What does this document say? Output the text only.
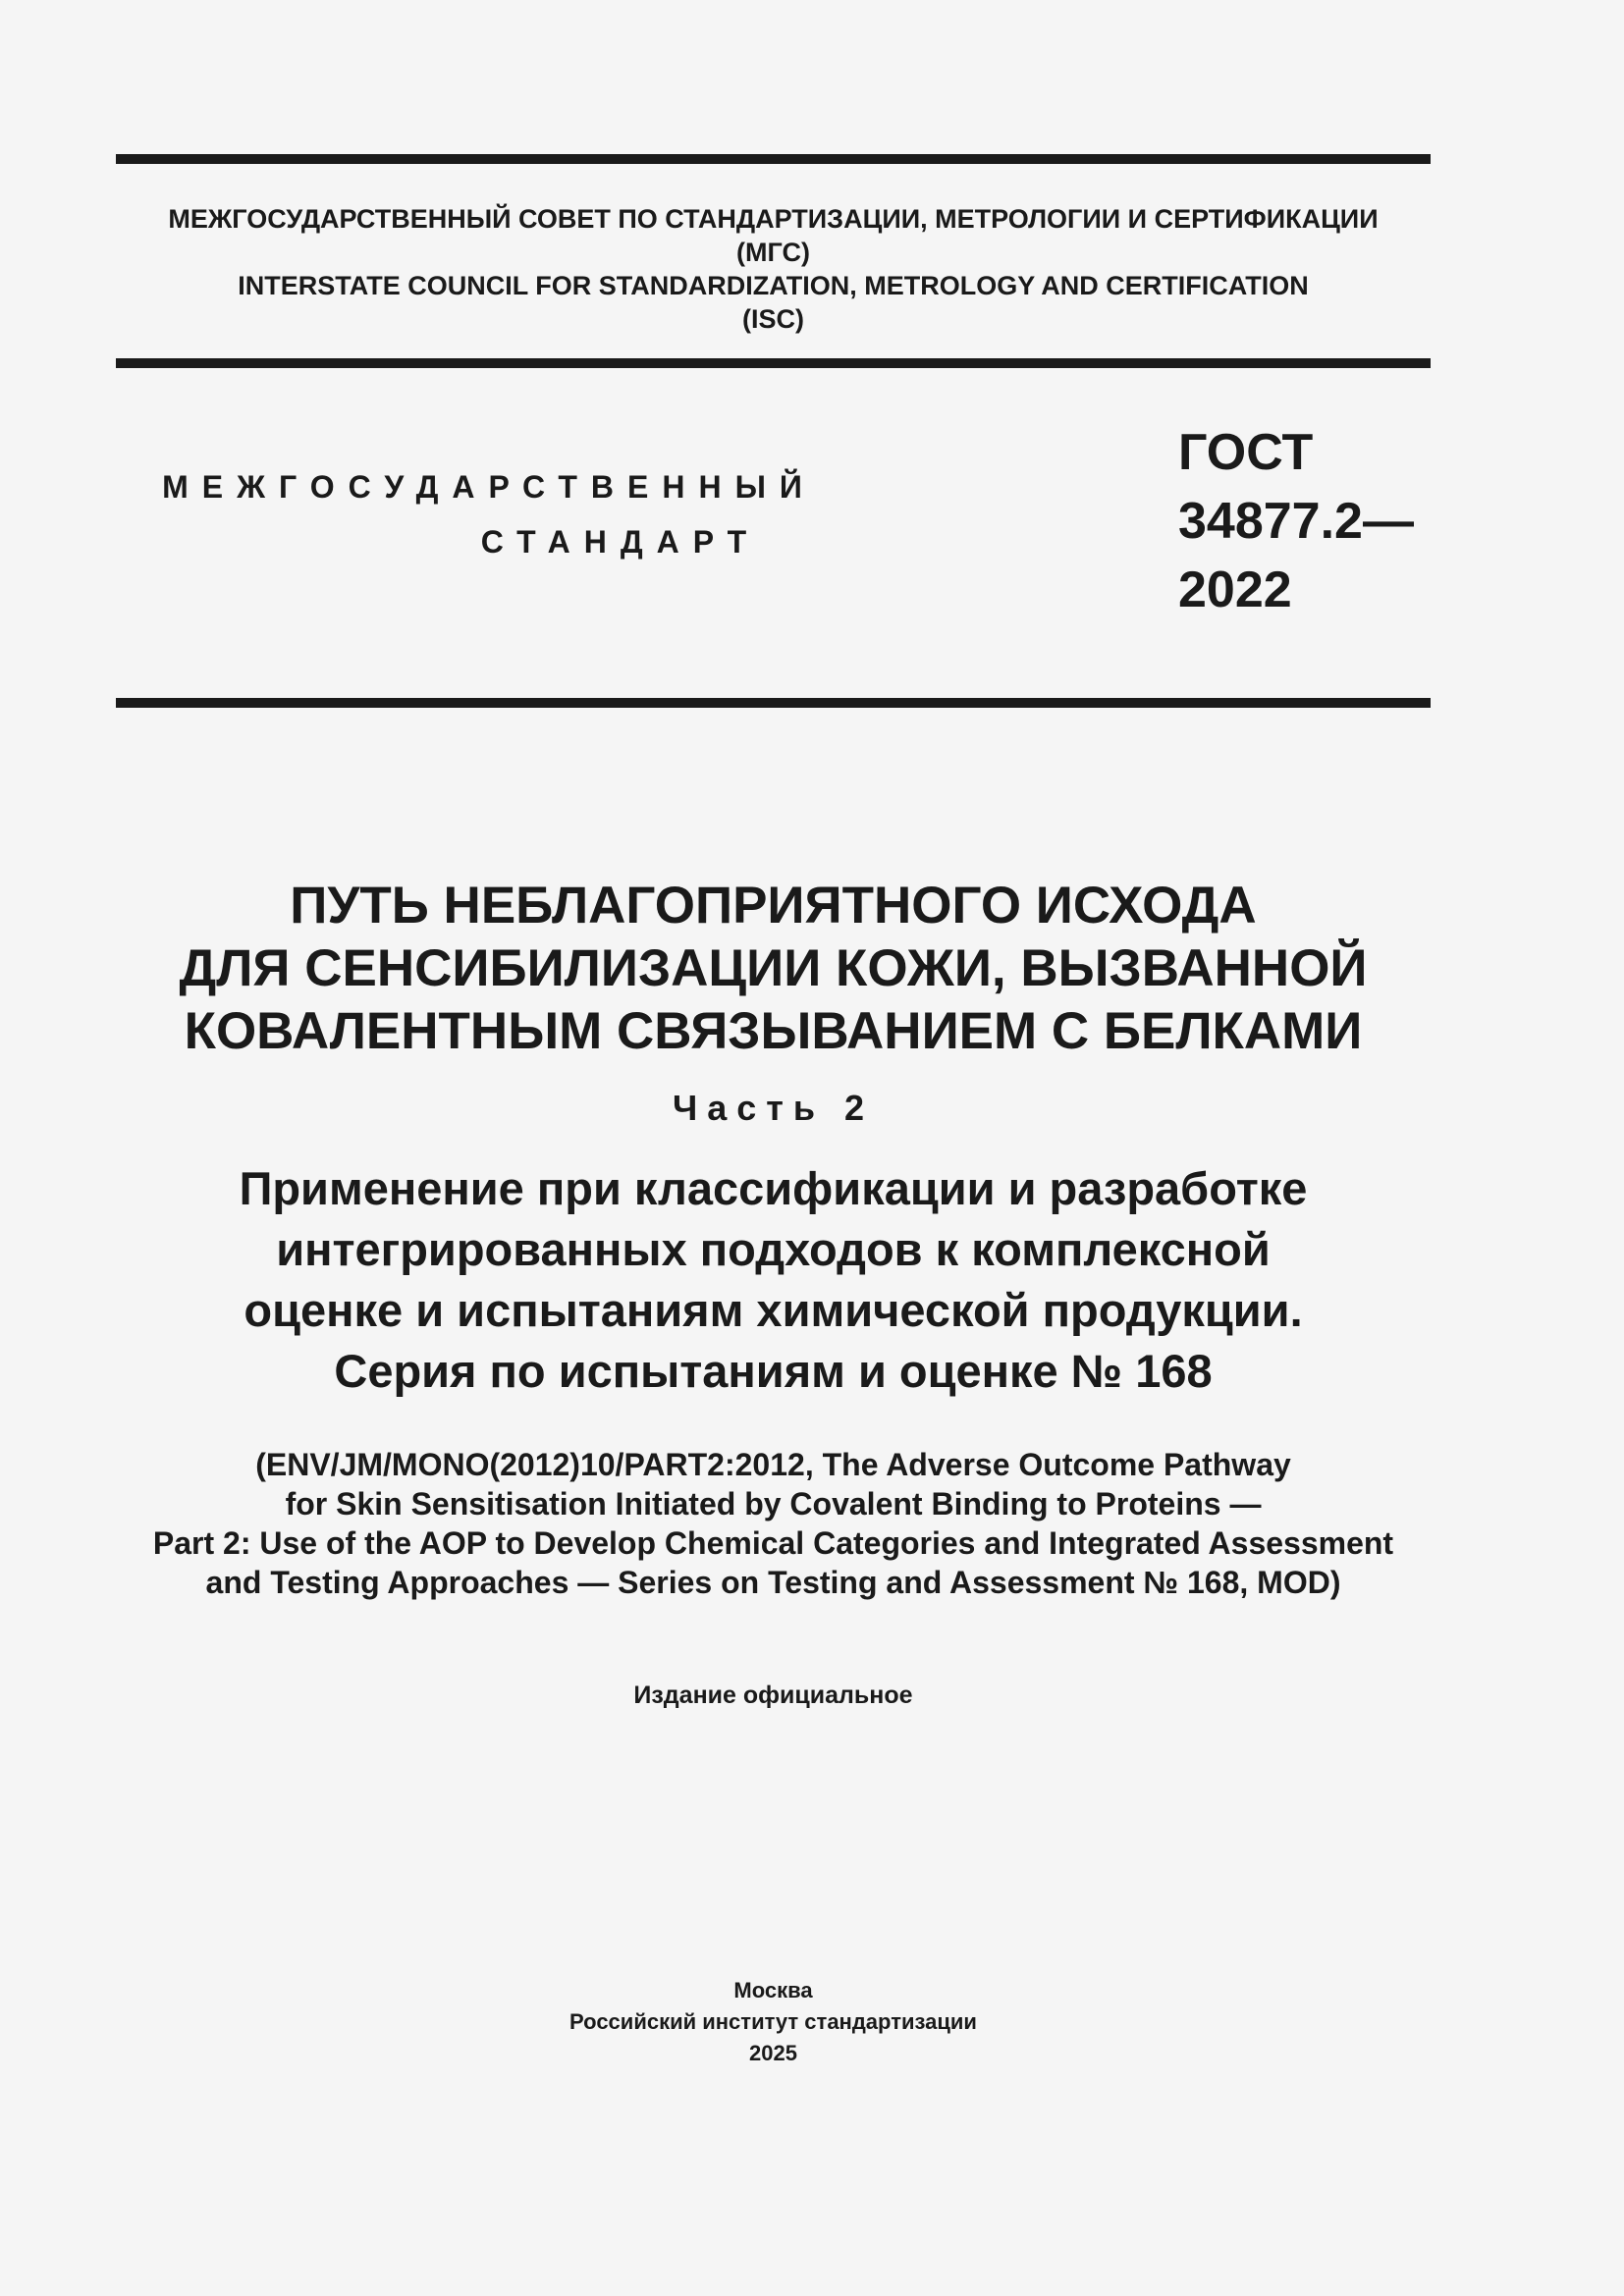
МЕЖГОСУДАРСТВЕННЫЙ СОВЕТ ПО СТАНДАРТИЗАЦИИ, МЕТРОЛОГИИ И СЕРТИФИКАЦИИ
(МГС)
INTERSTATE COUNCIL FOR STANDARDIZATION, METROLOGY AND CERTIFICATION
(ISC)
МЕЖГОСУДАРСТВЕННЫЙ
СТАНДАРТ
ГОСТ
34877.2—
2022
ПУТЬ НЕБЛАГОПРИЯТНОГО ИСХОДА
ДЛЯ СЕНСИБИЛИЗАЦИИ КОЖИ, ВЫЗВАННОЙ
КОВАЛЕНТНЫМ СВЯЗЫВАНИЕМ С БЕЛКАМИ
Часть 2
Применение при классификации и разработке
интегрированных подходов к комплексной
оценке и испытаниям химической продукции.
Серия по испытаниям и оценке № 168
(ENV/JM/MONO(2012)10/PART2:2012, The Adverse Outcome Pathway
for Skin Sensitisation Initiated by Covalent Binding to Proteins —
Part 2: Use of the AOP to Develop Chemical Categories and Integrated Assessment
and Testing Approaches — Series on Testing and Assessment № 168, MOD)
Издание официальное
Москва
Российский институт стандартизации
2025
